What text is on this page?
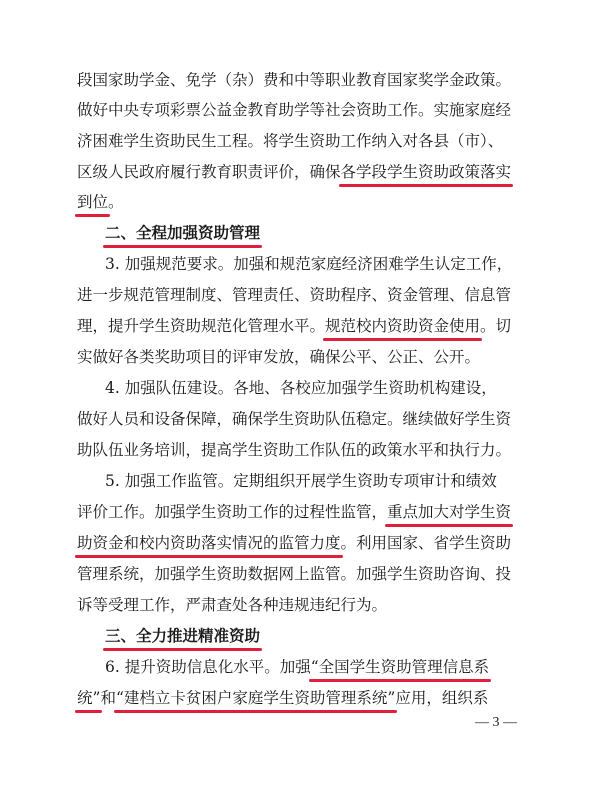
段国家助学金、免学（杂）费和中等职业教育国家奖学金政策。
做好中央专项彩票公益金教育助学等社会资助工作。实施家庭经
济困难学生资助民生工程。将学生资助工作纳入对各县（市）、
区级人民政府履行教育职责评价，确保各学段学生资助政策落实
到位。
二、全程加强资助管理
3. 加强规范要求。加强和规范家庭经济困难学生认定工作，
进一步规范管理制度、管理责任、资助程序、资金管理、信息管
理，提升学生资助规范化管理水平。规范校内资助资金使用。切
实做好各类奖助项目的评审发放，确保公平、公正、公开。
4. 加强队伍建设。各地、各校应加强学生资助机构建设，
做好人员和设备保障，确保学生资助队伍稳定。继续做好学生资
助队伍业务培训，提高学生资助工作队伍的政策水平和执行力。
5. 加强工作监管。定期组织开展学生资助专项审计和绩效
评价工作。加强学生资助工作的过程性监管，重点加大对学生资
助资金和校内资助落实情况的监管力度。利用国家、省学生资助
管理系统，加强学生资助数据网上监管。加强学生资助咨询、投
诉等受理工作，严肃查处各种违规违纪行为。
三、全力推进精准资助
6. 提升资助信息化水平。加强“全国学生资助管理信息系
统”和“建档立卡贫困户家庭学生资助管理系统”应用，组织系
— 3 —
